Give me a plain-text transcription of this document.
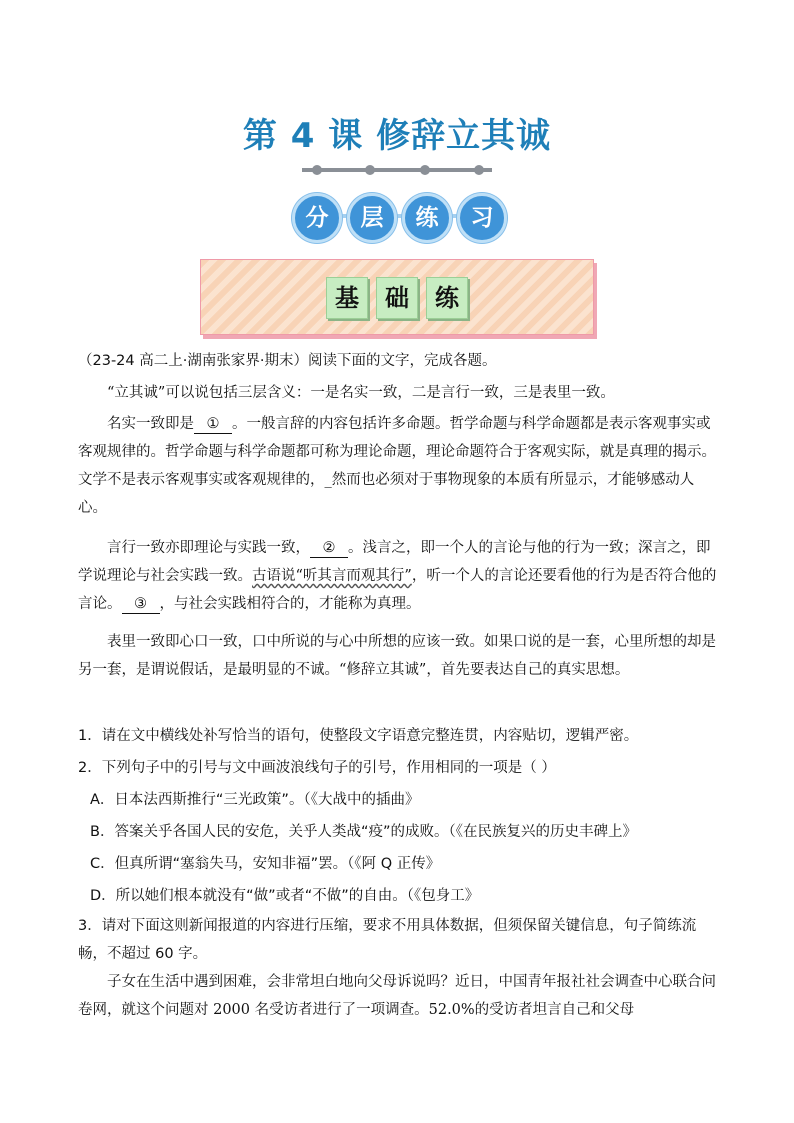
第 4 课 修辞立其诚
分	层	练	习
基	础	练
（23-24 高二上·湖南张家界·期末）阅读下面的文字，完成各题。
“立其诚”可以说包括三层含义：一是名实一致，二是言行一致，三是表里一致。
名实一致即是 ① 。一般言辞的内容包括许多命题。哲学命题与科学命题都是表示客观事实或客观规律的。哲学命题与科学命题都可称为理论命题，理论命题符合于客观实际，就是真理的揭示。文学不是表示客观事实或客观规律的，_然而也必须对于事物现象的本质有所显示，才能够感动人心。
言行一致亦即理论与实践一致， ② 。浅言之，即一个人的言论与他的行为一致；深言之，即学说理论与社会实践一致。古语说“听其言而观其行”，听一个人的言论还要看他的行为是否符合他的言论。 ③ ，与社会实践相符合的，才能称为真理。
表里一致即心口一致，口中所说的与心中所想的应该一致。如果口说的是一套，心里所想的却是另一套，是谓说假话，是最明显的不诚。“修辞立其诚”，首先要表达自己的真实思想。
1．请在文中横线处补写恰当的语句，使整段文字语意完整连贯，内容贴切，逻辑严密。
2．下列句子中的引号与文中画波浪线句子的引号，作用相同的一项是（ ）
A．日本法西斯推行“三光政策”。（《大战中的插曲》
B．答案关乎各国人民的安危，关乎人类战“疫”的成败。（《在民族复兴的历史丰碑上》
C．但真所谓“塞翁失马，安知非福”罢。（《阿 Q 正传》
D．所以她们根本就没有“做”或者“不做”的自由。（《包身工》
3．请对下面这则新闻报道的内容进行压缩，要求不用具体数据，但须保留关键信息，句子简练流畅，不超过 60 字。
子女在生活中遇到困难，会非常坦白地向父母诉说吗？近日，中国青年报社社会调查中心联合问卷网，就这个问题对 2000 名受访者进行了一项调查。52.0%的受访者坦言自己和父母
